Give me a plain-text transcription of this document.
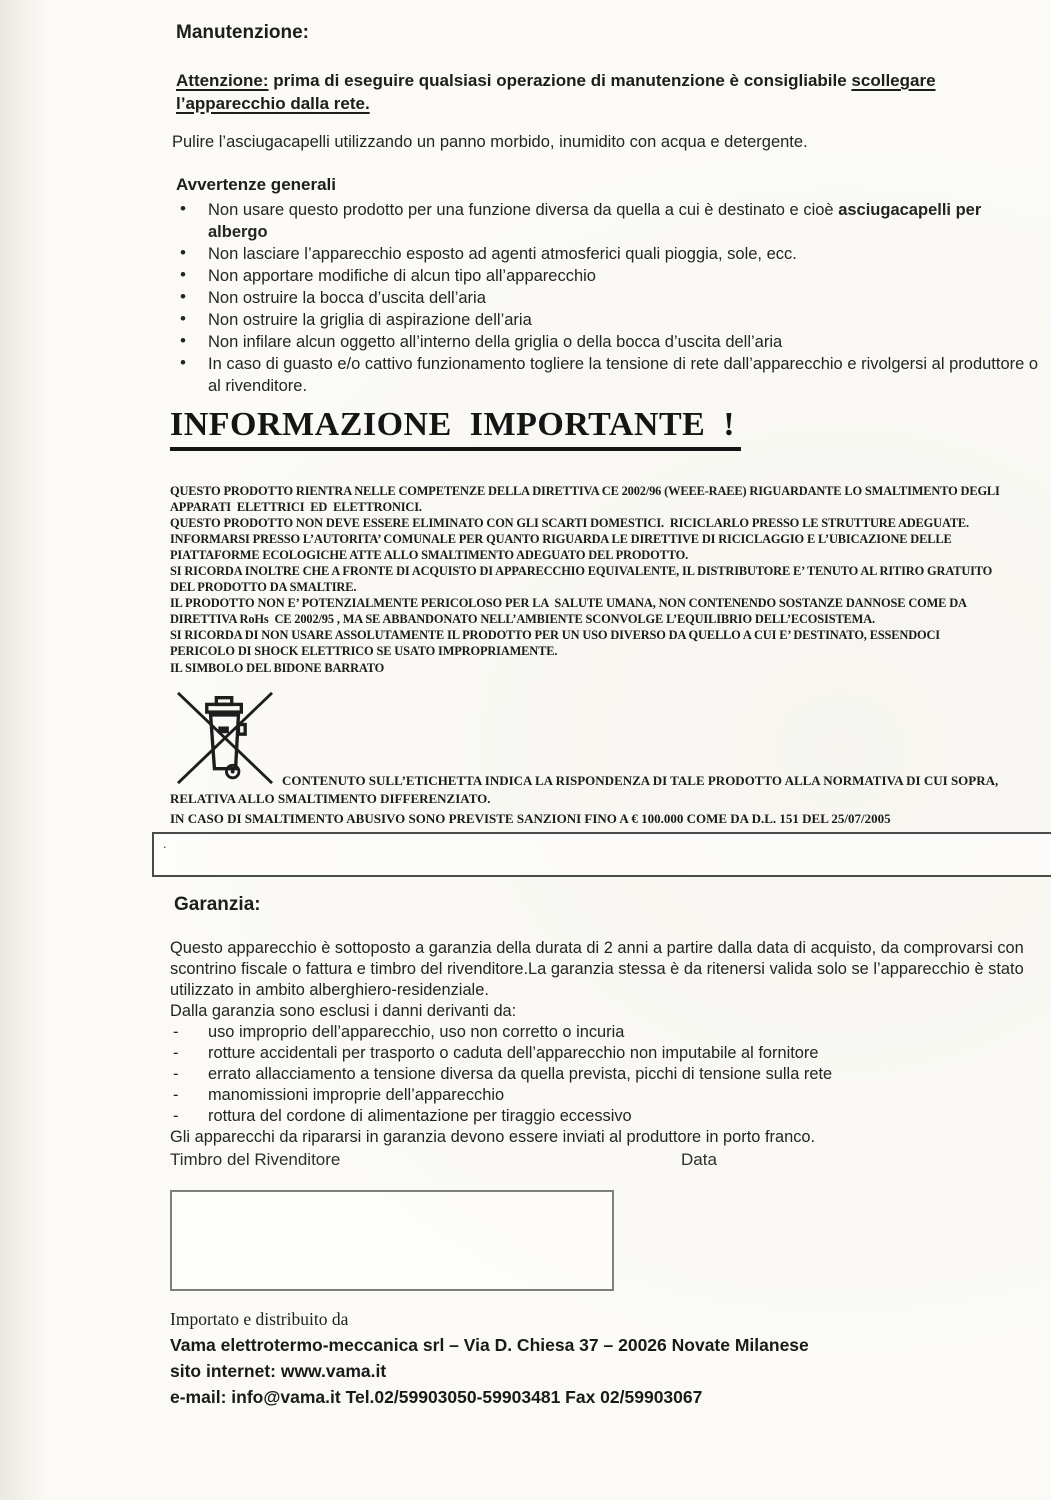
Manutenzione:
Attenzione: prima di eseguire qualsiasi operazione di manutenzione è consigliabile scollegare l’apparecchio dalla rete.
Pulire l’asciugacapelli utilizzando un panno morbido, inumidito con acqua e detergente.
Avvertenze generali
• Non usare questo prodotto per una funzione diversa da quella a cui è destinato e cioè asciugacapelli per albergo
• Non lasciare l’apparecchio esposto ad agenti atmosferici quali pioggia, sole, ecc.
• Non apportare modifiche di alcun tipo all’apparecchio
• Non ostruire la bocca d’uscita dell’aria
• Non ostruire la griglia di aspirazione dell’aria
• Non infilare alcun oggetto all’interno della griglia o della bocca d’uscita dell’aria
• In caso di guasto e/o cattivo funzionamento togliere la tensione di rete dall’apparecchio e rivolgersi al produttore o al rivenditore.
INFORMAZIONE IMPORTANTE !
QUESTO PRODOTTO RIENTRA NELLE COMPETENZE DELLA DIRETTIVA CE 2002/96 (WEEE-RAEE) RIGUARDANTE LO SMALTIMENTO DEGLI
APPARATI  ELETTRICI  ED  ELETTRONICI.
QUESTO PRODOTTO NON DEVE ESSERE ELIMINATO CON GLI SCARTI DOMESTICI.  RICICLARLO PRESSO LE STRUTTURE ADEGUATE.
INFORMARSI PRESSO L’AUTORITA’ COMUNALE PER QUANTO RIGUARDA LE DIRETTIVE DI RICICLAGGIO E L’UBICAZIONE DELLE
PIATTAFORME ECOLOGICHE ATTE ALLO SMALTIMENTO ADEGUATO DEL PRODOTTO.
SI RICORDA INOLTRE CHE A FRONTE DI ACQUISTO DI APPARECCHIO EQUIVALENTE, IL DISTRIBUTORE E’ TENUTO AL RITIRO GRATUITO
DEL PRODOTTO DA SMALTIRE.
IL PRODOTTO NON E’ POTENZIALMENTE PERICOLOSO PER LA  SALUTE UMANA, NON CONTENENDO SOSTANZE DANNOSE COME DA
DIRETTIVA RoHs  CE 2002/95 , MA SE ABBANDONATO NELL’AMBIENTE SCONVOLGE L’EQUILIBRIO DELL’ECOSISTEMA.
SI RICORDA DI NON USARE ASSOLUTAMENTE IL PRODOTTO PER UN USO DIVERSO DA QUELLO A CUI E’ DESTINATO, ESSENDOCI
PERICOLO DI SHOCK ELETTRICO SE USATO IMPROPRIAMENTE.
IL SIMBOLO DEL BIDONE BARRATO
CONTENUTO SULL’ETICHETTA INDICA LA RISPONDENZA DI TALE PRODOTTO ALLA NORMATIVA DI CUI SOPRA, RELATIVA ALLO SMALTIMENTO DIFFERENZIATO.
IN CASO DI SMALTIMENTO ABUSIVO SONO PREVISTE SANZIONI FINO A € 100.000 COME DA D.L. 151 DEL 25/07/2005
.
Garanzia:
Questo apparecchio è sottoposto a garanzia della durata di 2 anni a partire dalla data di acquisto, da comprovarsi con
scontrino fiscale o fattura e timbro del rivenditore.La garanzia stessa è da ritenersi valida solo se l’apparecchio è stato
utilizzato in ambito alberghiero-residenziale.
Dalla garanzia sono esclusi i danni derivanti da:
- uso improprio dell’apparecchio, uso non corretto o incuria
- rotture accidentali per trasporto o caduta dell’apparecchio non imputabile al fornitore
- errato allacciamento a tensione diversa da quella prevista, picchi di tensione sulla rete
- manomissioni improprie dell’apparecchio
- rottura del cordone di alimentazione per tiraggio eccessivo
Gli apparecchi da ripararsi in garanzia devono essere inviati al produttore in porto franco.
Timbro del Rivenditore	Data
Importato e distribuito da
Vama elettrotermo-meccanica srl – Via D. Chiesa 37 – 20026 Novate Milanese
sito internet: www.vama.it
e-mail: info@vama.it Tel.02/59903050-59903481 Fax 02/59903067
